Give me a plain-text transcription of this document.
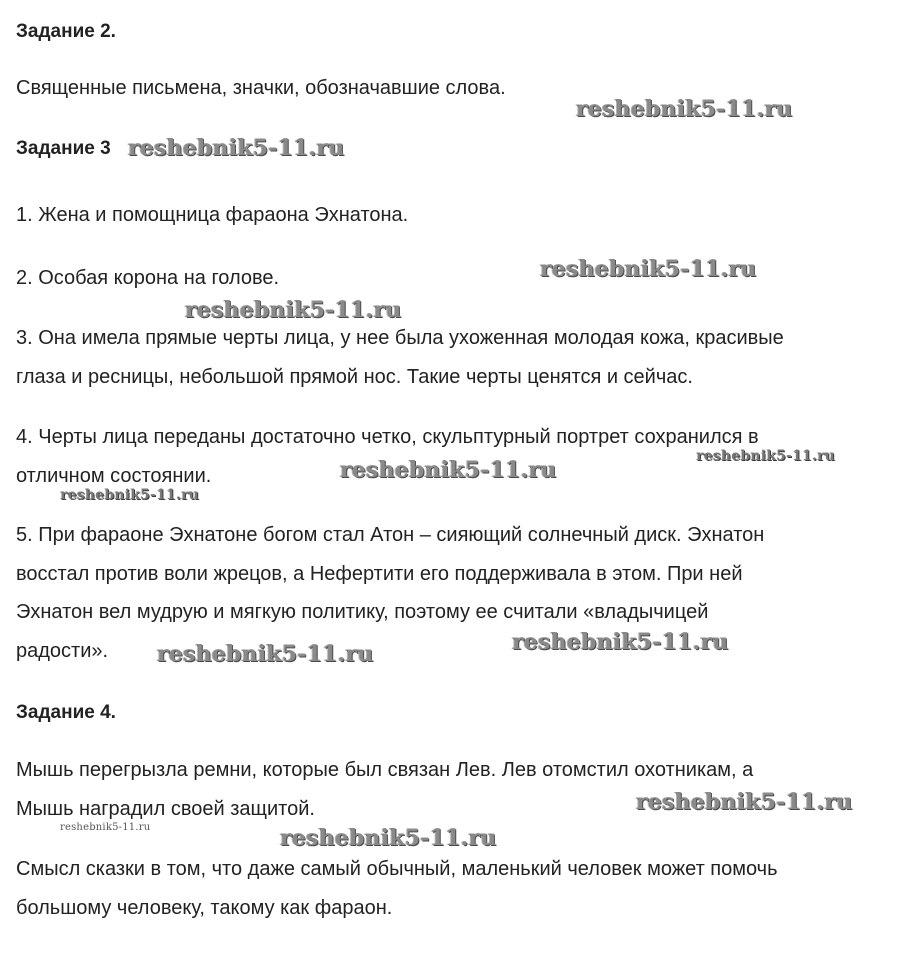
Задание 2.

Священные письмена, значки, обозначавшие слова.

Задание 3

1. Жена и помощница фараона Эхнатона.

2. Особая корона на голове.

3. Она имела прямые черты лица, у нее была ухоженная молодая кожа, красивые

глаза и ресницы, небольшой прямой нос. Такие черты ценятся и сейчас.

4. Черты лица переданы достаточно четко, скульптурный портрет сохранился в

отличном состоянии.

5. При фараоне Эхнатоне богом стал Атон – сияющий солнечный диск. Эхнатон

восстал против воли жрецов, а Нефертити его поддерживала в этом. При ней

Эхнатон вел мудрую и мягкую политику, поэтому ее считали «владычицей

радости».

Задание 4.

Мышь перегрызла ремни, которые был связан Лев. Лев отомстил охотникам, а

Мышь наградил своей защитой.

Смысл сказки в том, что даже самый обычный, маленький человек может помочь

большому человеку, такому как фараон.

reshebnik5-11.ru
reshebnik5-11.ru
reshebnik5-11.ru
reshebnik5-11.ru
reshebnik5-11.ru
reshebnik5-11.ru
reshebnik5-11.ru
reshebnik5-11.ru
reshebnik5-11.ru
reshebnik5-11.ru
reshebnik5-11.ru	reshebnik5-11.ru
